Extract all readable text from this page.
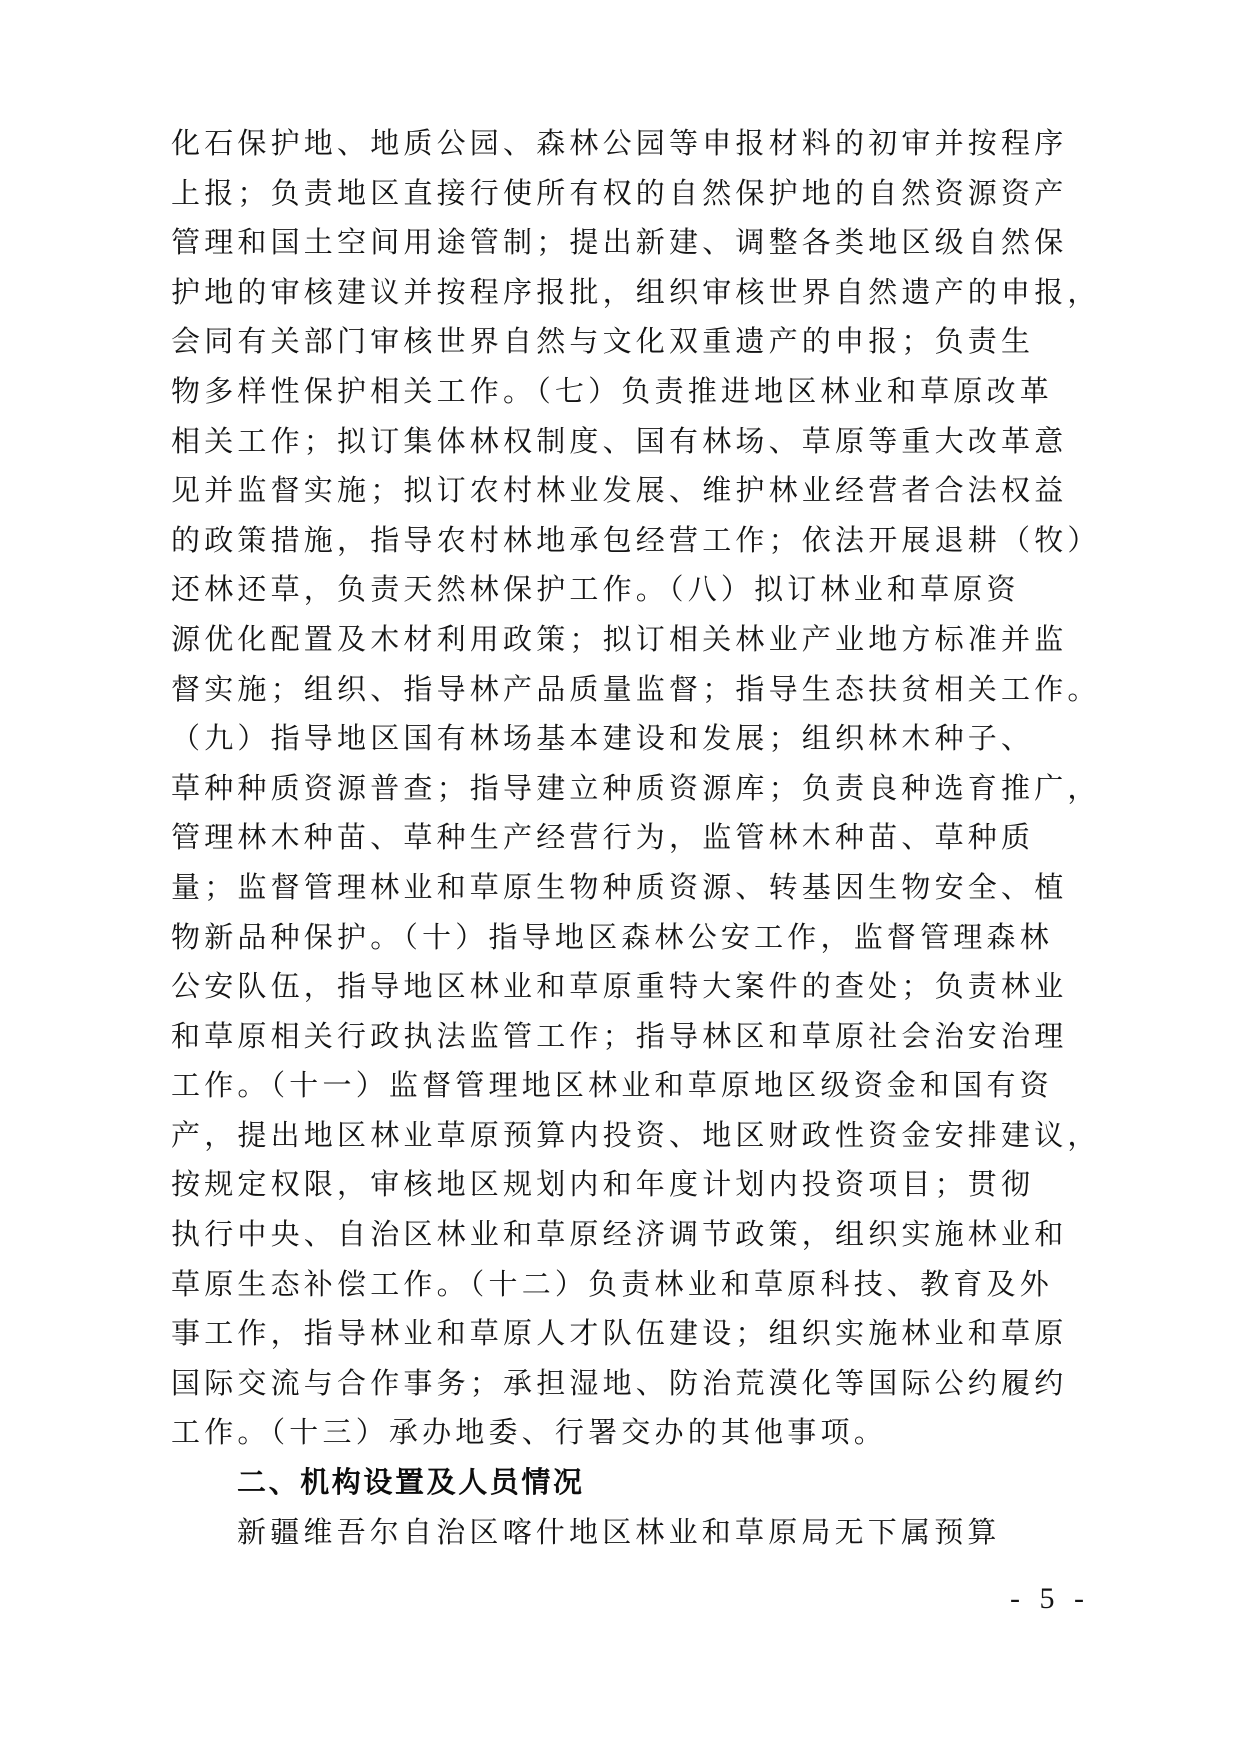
化石保护地、地质公园、森林公园等申报材料的初审并按程序
上报；负责地区直接行使所有权的自然保护地的自然资源资产
管理和国土空间用途管制；提出新建、调整各类地区级自然保
护地的审核建议并按程序报批，组织审核世界自然遗产的申报，
会同有关部门审核世界自然与文化双重遗产的申报；负责生
物多样性保护相关工作。（七）负责推进地区林业和草原改革
相关工作；拟订集体林权制度、国有林场、草原等重大改革意
见并监督实施；拟订农村林业发展、维护林业经营者合法权益
的政策措施，指导农村林地承包经营工作；依法开展退耕（牧）
还林还草，负责天然林保护工作。（八）拟订林业和草原资
源优化配置及木材利用政策；拟订相关林业产业地方标准并监
督实施；组织、指导林产品质量监督；指导生态扶贫相关工作。
（九）指导地区国有林场基本建设和发展；组织林木种子、
草种种质资源普查；指导建立种质资源库；负责良种选育推广，
管理林木种苗、草种生产经营行为，监管林木种苗、草种质
量；监督管理林业和草原生物种质资源、转基因生物安全、植
物新品种保护。（十）指导地区森林公安工作，监督管理森林
公安队伍，指导地区林业和草原重特大案件的查处；负责林业
和草原相关行政执法监管工作；指导林区和草原社会治安治理
工作。（十一）监督管理地区林业和草原地区级资金和国有资
产，提出地区林业草原预算内投资、地区财政性资金安排建议，
按规定权限，审核地区规划内和年度计划内投资项目；贯彻
执行中央、自治区林业和草原经济调节政策，组织实施林业和
草原生态补偿工作。（十二）负责林业和草原科技、教育及外
事工作，指导林业和草原人才队伍建设；组织实施林业和草原
国际交流与合作事务；承担湿地、防治荒漠化等国际公约履约
工作。（十三）承办地委、行署交办的其他事项。
二、机构设置及人员情况
新疆维吾尔自治区喀什地区林业和草原局无下属预算
- 5 -
